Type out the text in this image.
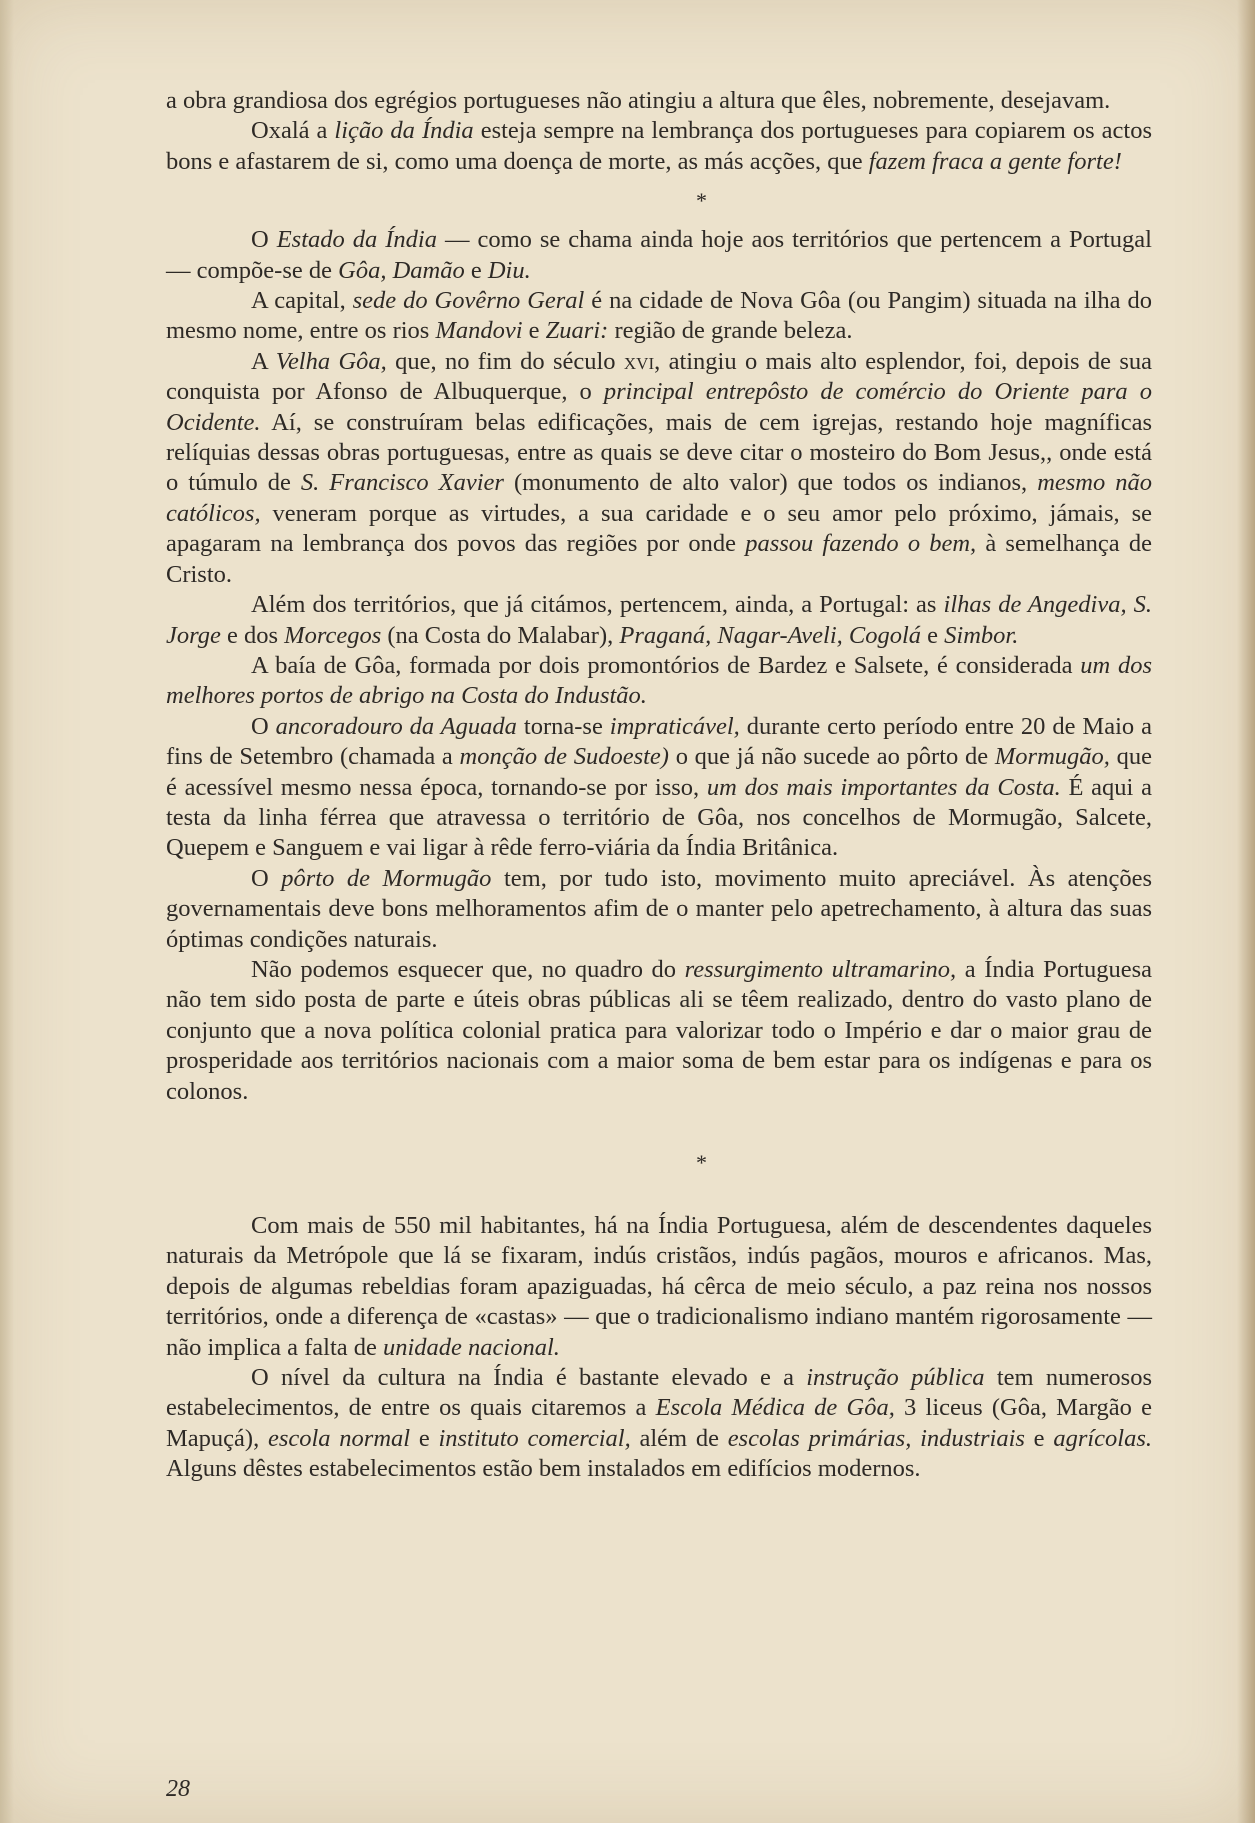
a obra grandiosa dos egrégios portugueses não atingiu a altura que êles, nobremente, desejavam.

Oxalá a lição da Índia esteja sempre na lembrança dos portugueses para copiarem os actos bons e afastarem de si, como uma doença de morte, as más acções, que fazem fraca a gente forte!

*

O Estado da Índia — como se chama ainda hoje aos territórios que pertencem a Portugal — compõe-se de Gôa, Damão e Diu.

A capital, sede do Govêrno Geral é na cidade de Nova Gôa (ou Pangim) situada na ilha do mesmo nome, entre os rios Mandovi e Zuari: região de grande beleza.

A Velha Gôa, que, no fim do século xvi, atingiu o mais alto esplendor, foi, depois de sua conquista por Afonso de Albuquerque, o principal entrepôsto de comércio do Oriente para o Ocidente. Aí, se construíram belas edificações, mais de cem igrejas, restando hoje magníficas relíquias dessas obras portuguesas, entre as quais se deve citar o mosteiro do Bom Jesus,, onde está o túmulo de S. Francisco Xavier (monumento de alto valor) que todos os indianos, mesmo não católicos, veneram porque as virtudes, a sua caridade e o seu amor pelo próximo, jámais, se apagaram na lembrança dos povos das regiões por onde passou fazendo o bem, à semelhança de Cristo.

Além dos territórios, que já citámos, pertencem, ainda, a Portugal: as ilhas de Angediva, S. Jorge e dos Morcegos (na Costa do Malabar), Praganá, Nagar-Aveli, Cogolá e Simbor.

A baía de Gôa, formada por dois promontórios de Bardez e Salsete, é considerada um dos melhores portos de abrigo na Costa do Industão.

O ancoradouro da Aguada torna-se impraticável, durante certo período entre 20 de Maio a fins de Setembro (chamada a monção de Sudoeste) o que já não sucede ao pôrto de Mormugão, que é acessível mesmo nessa época, tornando-se por isso, um dos mais importantes da Costa. É aqui a testa da linha férrea que atravessa o território de Gôa, nos concelhos de Mormugão, Salcete, Quepem e Sanguem e vai ligar à rêde ferro-viária da Índia Britânica.

O pôrto de Mormugão tem, por tudo isto, movimento muito apreciável. Às atenções governamentais deve bons melhoramentos afim de o manter pelo apetrechamento, à altura das suas óptimas condições naturais.

Não podemos esquecer que, no quadro do ressurgimento ultramarino, a Índia Portuguesa não tem sido posta de parte e úteis obras públicas ali se têem realizado, dentro do vasto plano de conjunto que a nova política colonial pratica para valorizar todo o Império e dar o maior grau de prosperidade aos territórios nacionais com a maior soma de bem estar para os indígenas e para os colonos.

*

Com mais de 550 mil habitantes, há na Índia Portuguesa, além de descendentes daqueles naturais da Metrópole que lá se fixaram, indús cristãos, indús pagãos, mouros e africanos. Mas, depois de algumas rebeldias foram apaziguadas, há cêrca de meio século, a paz reina nos nossos territórios, onde a diferença de «castas» — que o tradicionalismo indiano mantém rigorosamente — não implica a falta de unidade nacional.

O nível da cultura na Índia é bastante elevado e a instrução pública tem numerosos estabelecimentos, de entre os quais citaremos a Escola Médica de Gôa, 3 liceus (Gôa, Margão e Mapuçá), escola normal e instituto comercial, além de escolas primárias, industriais e agrícolas. Alguns dêstes estabelecimentos estão bem instalados em edifícios modernos.

28
